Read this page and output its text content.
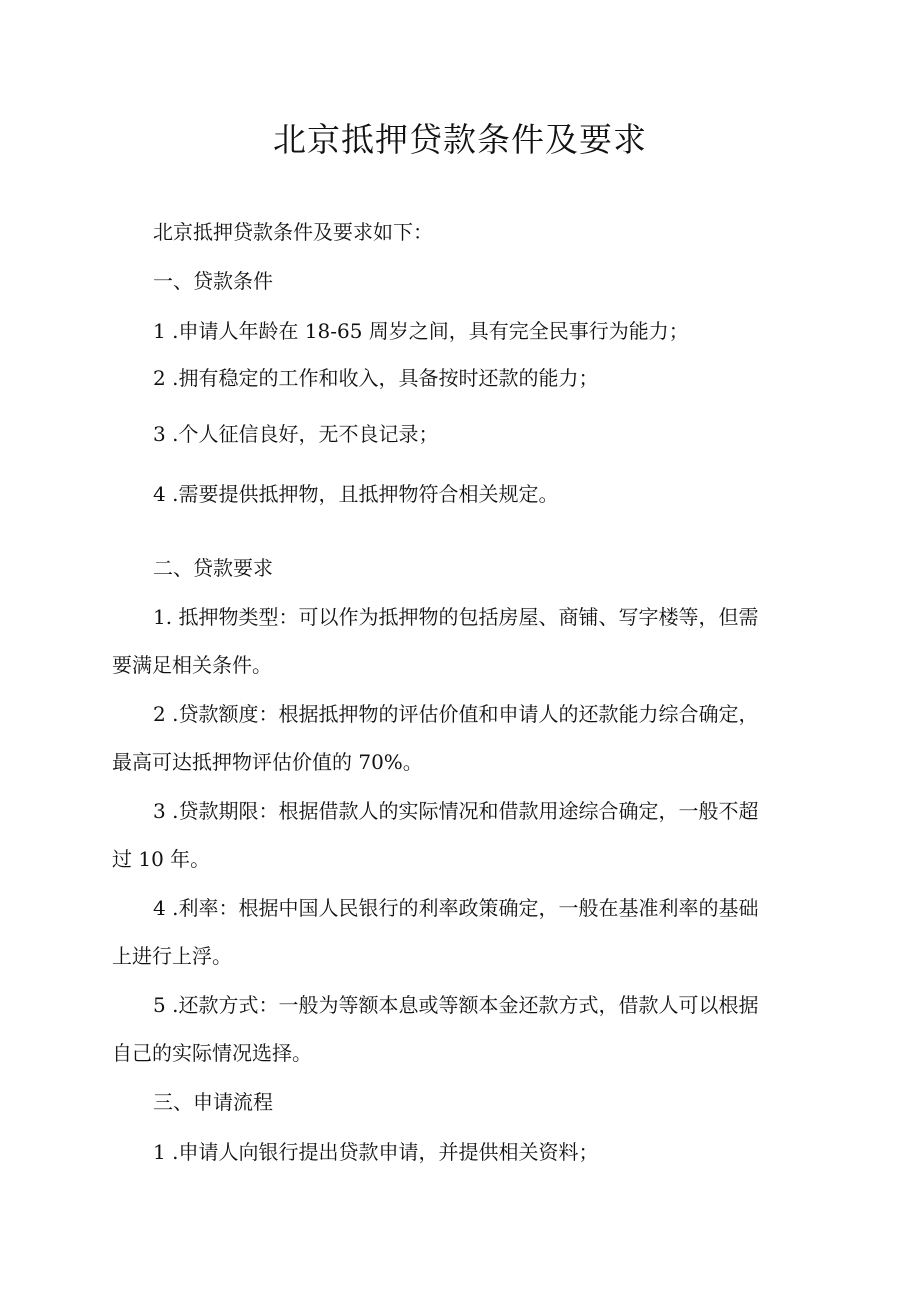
北京抵押贷款条件及要求

北京抵押贷款条件及要求如下：

一、贷款条件

1 .申请人年龄在 18-65 周岁之间，具有完全民事行为能力；

2 .拥有稳定的工作和收入，具备按时还款的能力；

3 .个人征信良好，无不良记录；

4 .需要提供抵押物，且抵押物符合相关规定。

二、贷款要求

1. 抵押物类型：可以作为抵押物的包括房屋、商铺、写字楼等，但需

要满足相关条件。

2 .贷款额度：根据抵押物的评估价值和申请人的还款能力综合确定，

最高可达抵押物评估价值的 70%。

3 .贷款期限：根据借款人的实际情况和借款用途综合确定，一般不超

过 10 年。

4 .利率：根据中国人民银行的利率政策确定，一般在基准利率的基础

上进行上浮。

5 .还款方式：一般为等额本息或等额本金还款方式，借款人可以根据

自己的实际情况选择。

三、申请流程

1 .申请人向银行提出贷款申请，并提供相关资料；
